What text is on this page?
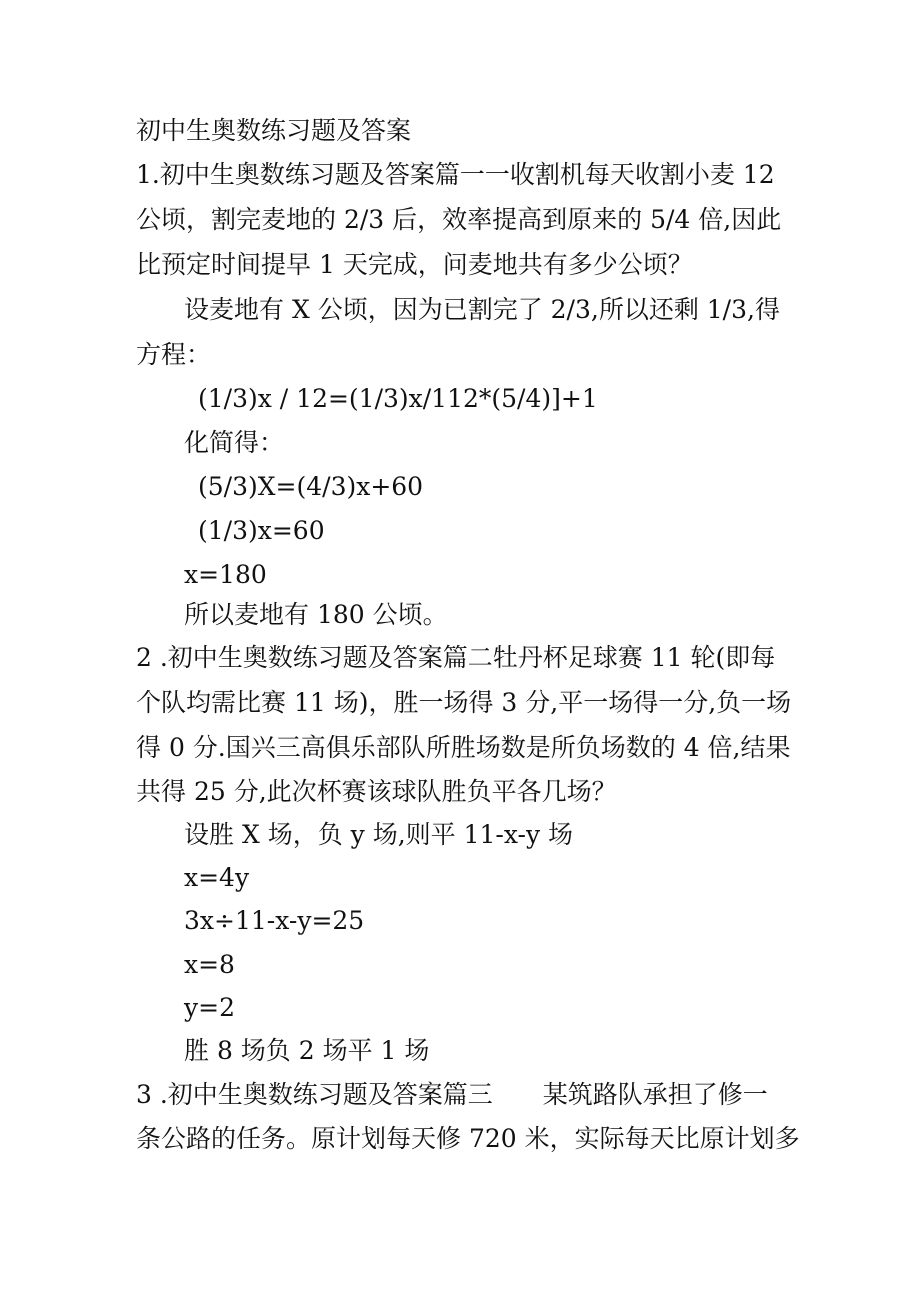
初中生奥数练习题及答案
1.初中生奥数练习题及答案篇一一收割机每天收割小麦 12
公顷，割完麦地的 2/3 后，效率提高到原来的 5/4 倍,因此
比预定时间提早 1 天完成，问麦地共有多少公顷？
设麦地有 X 公顷，因为已割完了 2/3,所以还剩 1/3,得
方程：
(1/3)x / 12=(1/3)x/112*(5/4)]+1
化简得：
(5/3)X=(4/3)x+60
(1/3)x=60
x=180
所以麦地有 180 公顷。
2 .初中生奥数练习题及答案篇二牡丹杯足球赛 11 轮(即每
个队均需比赛 11 场)，胜一场得 3 分,平一场得一分,负一场
得 0 分.国兴三高俱乐部队所胜场数是所负场数的 4 倍,结果
共得 25 分,此次杯赛该球队胜负平各几场？
设胜 X 场，负 y 场,则平 11-x-y 场
x=4y
3x÷11-x-y=25
x=8
y=2
胜 8 场负 2 场平 1 场
3 .初中生奥数练习题及答案篇三　　某筑路队承担了修一
条公路的任务。原计划每天修 720 米，实际每天比原计划多
